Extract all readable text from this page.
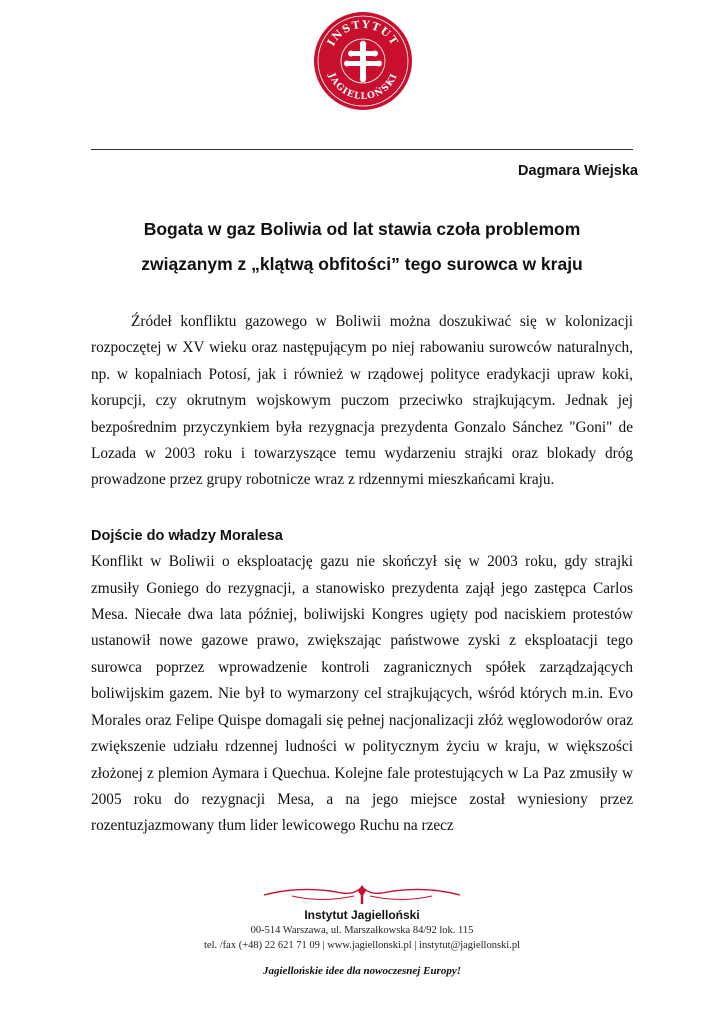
INSTYTUT
JAGIELLOŃSKI
Dagmara Wiejska
Bogata w gaz Boliwia od lat stawia czoła problemom
związanym z „klątwą obfitości” tego surowca w kraju

Źródeł konfliktu gazowego w Boliwii można doszukiwać się w kolonizacji rozpoczętej w XV wieku oraz następującym po niej rabowaniu surowców naturalnych, np. w kopalniach Potosí, jak i również w rządowej polityce eradykacji upraw koki, korupcji, czy okrutnym wojskowym puczom przeciwko strajkującym. Jednak jej bezpośrednim przyczynkiem była rezygnacja prezydenta Gonzalo Sánchez "Goni" de Lozada w 2003 roku i towarzyszące temu wydarzeniu strajki oraz blokady dróg prowadzone przez grupy robotnicze wraz z rdzennymi mieszkańcami kraju.

Dojście do władzy Moralesa

Konflikt w Boliwii o eksploatację gazu nie skończył się w 2003 roku, gdy strajki zmusiły Goniego do rezygnacji, a stanowisko prezydenta zajął jego zastępca Carlos Mesa. Niecałe dwa lata później, boliwijski Kongres ugięty pod naciskiem protestów ustanowił nowe gazowe prawo, zwiększając państwowe zyski z eksploatacji tego surowca poprzez wprowadzenie kontroli zagranicznych spółek zarządzających boliwijskim gazem. Nie był to wymarzony cel strajkujących, wśród których m.in. Evo Morales oraz Felipe Quispe domagali się pełnej nacjonalizacji złóż węglowodorów oraz zwiększenie udziału rdzennej ludności w politycznym życiu w kraju, w większości złożonej z plemion Aymara i Quechua. Kolejne fale protestujących w La Paz zmusiły w 2005 roku do rezygnacji Mesa, a na jego miejsce został wyniesiony przez rozentuzjazmowany tłum lider lewicowego Ruchu na rzecz

Instytut Jagielloński
00-514 Warszawa, ul. Marszałkowska 84/92 lok. 115
tel. /fax (+48) 22 621 71 09 | www.jagiellonski.pl | instytut@jagiellonski.pl
Jagiellońskie idee dla nowoczesnej Europy!
